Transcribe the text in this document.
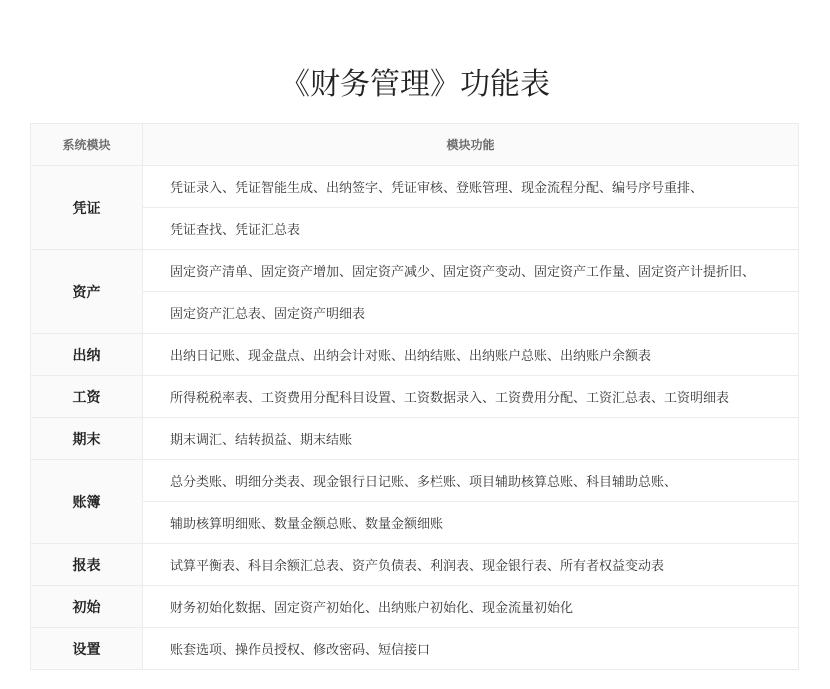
《财务管理》功能表
系统模块	模块功能
凭证	凭证录入、凭证智能生成、出纳签字、凭证审核、登账管理、现金流程分配、编号序号重排、
	凭证查找、凭证汇总表
资产	固定资产清单、固定资产增加、固定资产减少、固定资产变动、固定资产工作量、固定资产计提折旧、
	固定资产汇总表、固定资产明细表
出纳	出纳日记账、现金盘点、出纳会计对账、出纳结账、出纳账户总账、出纳账户余额表
工资	所得税税率表、工资费用分配科目设置、工资数据录入、工资费用分配、工资汇总表、工资明细表
期末	期末调汇、结转损益、期末结账
账簿	总分类账、明细分类表、现金银行日记账、多栏账、项目辅助核算总账、科目辅助总账、
	辅助核算明细账、数量金额总账、数量金额细账
报表	试算平衡表、科目余额汇总表、资产负债表、利润表、现金银行表、所有者权益变动表
初始	财务初始化数据、固定资产初始化、出纳账户初始化、现金流量初始化
设置	账套选项、操作员授权、修改密码、短信接口
